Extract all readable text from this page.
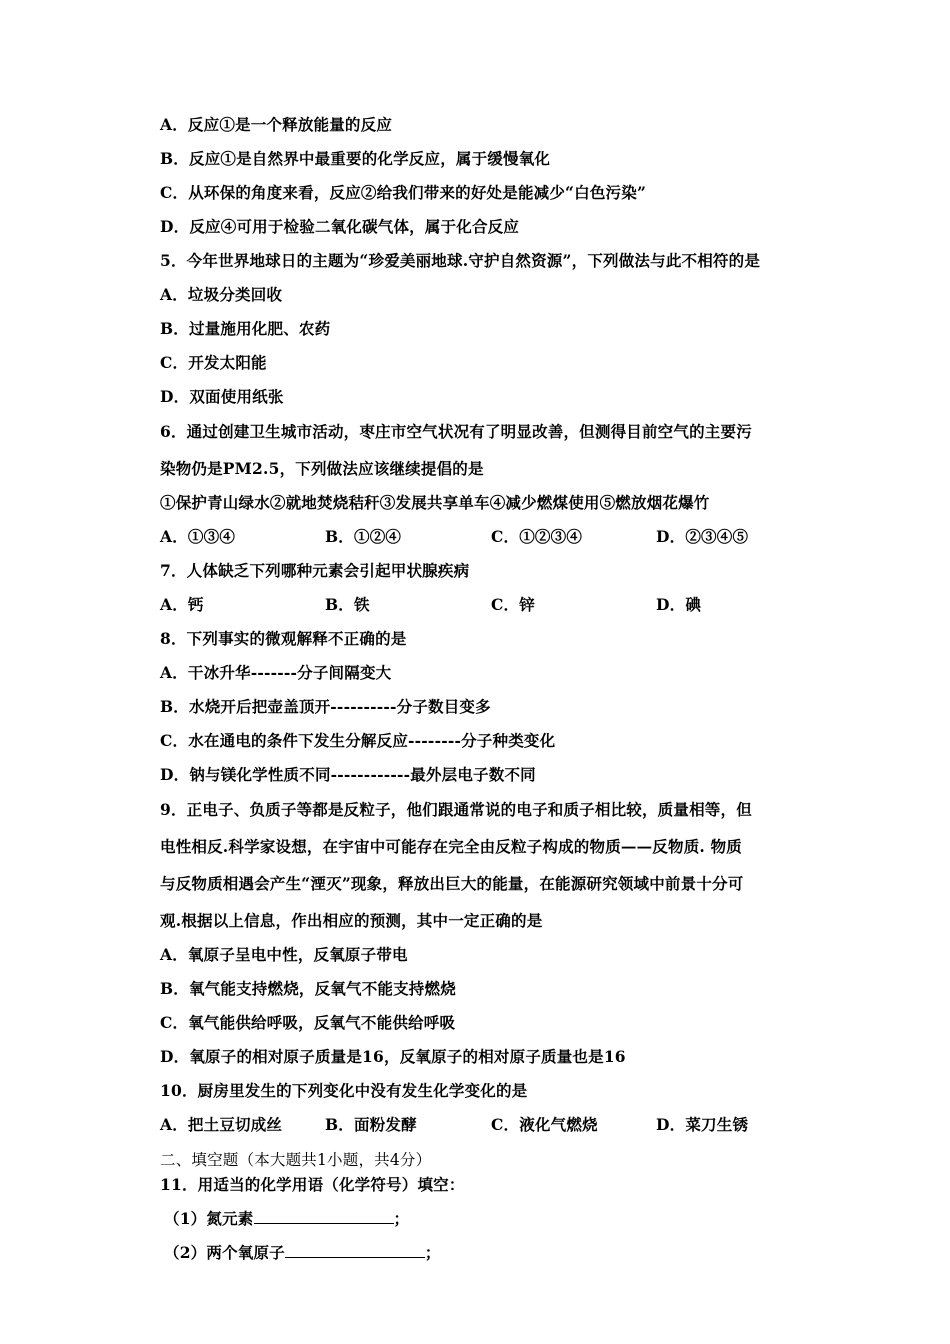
A．反应①是一个释放能量的反应
B．反应①是自然界中最重要的化学反应，属于缓慢氧化
C．从环保的角度来看，反应②给我们带来的好处是能减少“白色污染”
D．反应④可用于检验二氧化碳气体，属于化合反应
5．今年世界地球日的主题为“珍爱美丽地球.守护自然资源”，下列做法与此不相符的是
A．垃圾分类回收
B．过量施用化肥、农药
C．开发太阳能
D．双面使用纸张
6．通过创建卫生城市活动，枣庄市空气状况有了明显改善，但测得目前空气的主要污
染物仍是PM2.5，下列做法应该继续提倡的是
①保护青山绿水②就地焚烧秸秆③发展共享单车④减少燃煤使用⑤燃放烟花爆竹
A．①③④	B．①②④	C．①②③④	D．②③④⑤
7．人体缺乏下列哪种元素会引起甲状腺疾病
A．钙	B．铁	C．锌	D．碘
8．下列事实的微观解释不正确的是
A．干冰升华-------分子间隔变大
B．水烧开后把壶盖顶开----------分子数目变多
C．水在通电的条件下发生分解反应--------分子种类变化
D．钠与镁化学性质不同------------最外层电子数不同
9．正电子、负质子等都是反粒子，他们跟通常说的电子和质子相比较，质量相等，但
电性相反.科学家设想，在宇宙中可能存在完全由反粒子构成的物质——反物质. 物质
与反物质相遇会产生“湮灭”现象，释放出巨大的能量，在能源研究领域中前景十分可
观.根据以上信息，作出相应的预测，其中一定正确的是
A．氧原子呈电中性，反氧原子带电
B．氧气能支持燃烧，反氧气不能支持燃烧
C．氧气能供给呼吸，反氧气不能供给呼吸
D．氧原子的相对原子质量是16，反氧原子的相对原子质量也是16
10．厨房里发生的下列变化中没有发生化学变化的是
A．把土豆切成丝	B．面粉发酵	C．液化气燃烧	D．菜刀生锈
二、填空题（本大题共1小题，共4分）
11．用适当的化学用语（化学符号）填空：
（1）氮元素	；
（2）两个氧原子	；
